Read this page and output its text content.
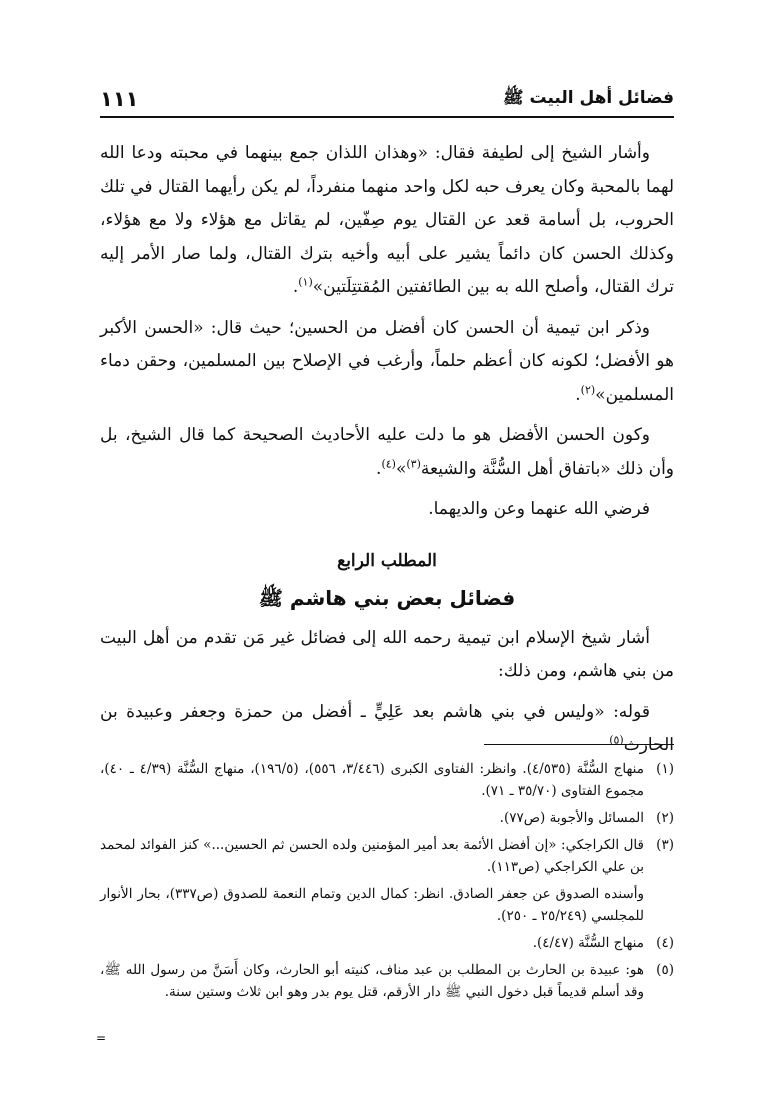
فضائل أهل البيت ﷺ
١١١

وأشار الشيخ إلى لطيفة فقال: «وهذان اللذان جمع بينهما في محبته ودعا الله لهما بالمحبة وكان يعرف حبه لكل واحد منهما منفرداً، لم يكن رأيهما القتال في تلك الحروب، بل أسامة قعد عن القتال يوم صِفّين، لم يقاتل مع هؤلاء ولا مع هؤلاء، وكذلك الحسن كان دائماً يشير على أبيه وأخيه بترك القتال، ولما صار الأمر إليه ترك القتال، وأصلح الله به بين الطائفتين المُقتتِلَتين»$^{(١)}$.

وذكر ابن تيمية أن الحسن كان أفضل من الحسين؛ حيث قال: «الحسن الأكبر هو الأفضل؛ لكونه كان أعظم حلماً، وأرغب في الإصلاح بين المسلمين، وحقن دماء المسلمين»$^{(٢)}$.

وكون الحسن الأفضل هو ما دلت عليه الأحاديث الصحيحة كما قال الشيخ، بل وأن ذلك «باتفاق أهل السُّنَّة والشيعة$^{(٣)}$»$^{(٤)}$.

فرضي الله عنهما وعن والديهما.

المطلب الرابع
فضائل بعض بني هاشم ﷺ

أشار شيخ الإسلام ابن تيمية رحمه الله إلى فضائل غير مَن تقدم من أهل البيت من بني هاشم، ومن ذلك:

قوله: «وليس في بني هاشم بعد عَلِيٍّ ـ أفضل من حمزة وجعفر وعبيدة بن الحارث$^{(٥)}$

(١)
منهاج السُّنَّة (٤/٥٣٥). وانظر: الفتاوى الكبرى (٣/٤٤٦، ٥٥٦)، (١٩٦/٥)، منهاج السُّنَّة (٤/٣٩ ـ ٤٠)، مجموع الفتاوى (٣٥/٧٠ ـ ٧١).
(٢)
المسائل والأجوبة (ص٧٧).
(٣)
قال الكراجكي: «إن أفضل الأئمة بعد أمير المؤمنين ولده الحسن ثم الحسين...» كنز الفوائد لمحمد بن علي الكراجكي (ص١١٣).
وأسنده الصدوق عن جعفر الصادق. انظر: كمال الدين وتمام النعمة للصدوق (ص٣٣٧)، بحار الأنوار للمجلسي (٢٥/٢٤٩ ـ ٢٥٠).
(٤)
منهاج السُّنَّة (٤/٤٧).
(٥)
هو: عبيدة بن الحارث بن المطلب بن عبد مناف، كنيته أبو الحارث، وكان أَسَنَّ من رسول الله ﷺ، وقد أسلم قديماً قبل دخول النبي ﷺ دار الأرقم، قتل يوم بدر وهو ابن ثلاث وستين سنة.
=
